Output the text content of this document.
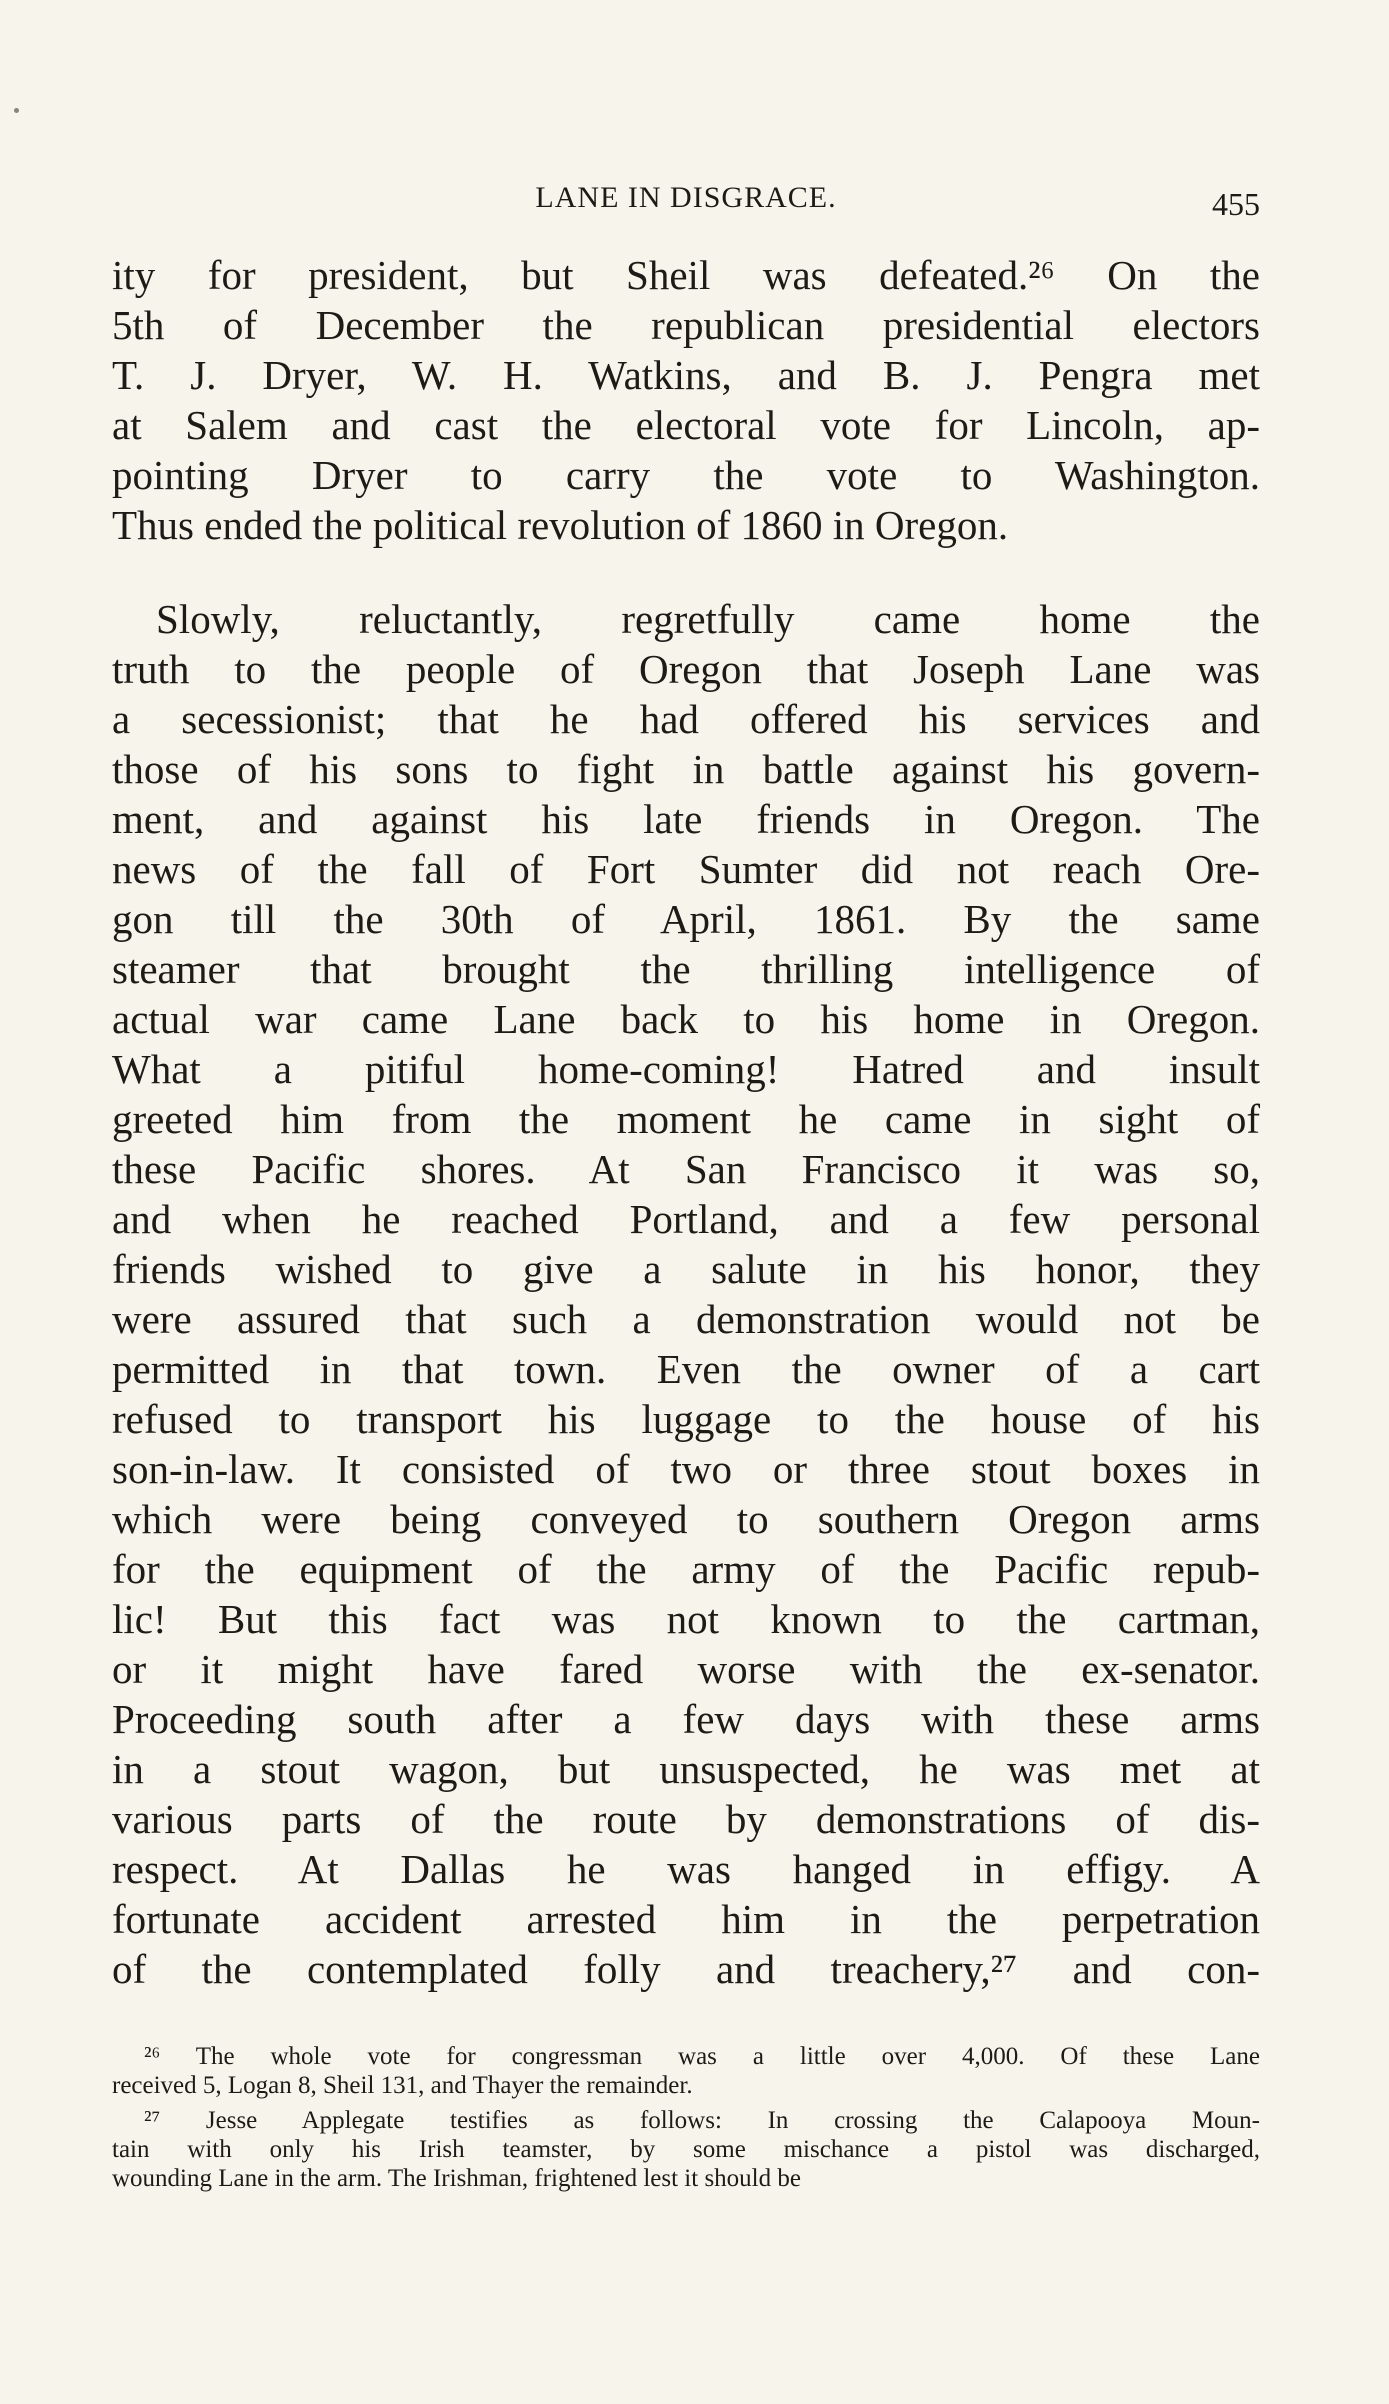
LANE IN DISGRACE.	455
ity for president, but Sheil was defeated.²⁶ On the
5th of December the republican presidential electors
T. J. Dryer, W. H. Watkins, and B. J. Pengra met
at Salem and cast the electoral vote for Lincoln, ap-
pointing Dryer to carry the vote to Washington.
Thus ended the political revolution of 1860 in Oregon.
Slowly, reluctantly, regretfully came home the
truth to the people of Oregon that Joseph Lane was
a secessionist; that he had offered his services and
those of his sons to fight in battle against his govern-
ment, and against his late friends in Oregon. The
news of the fall of Fort Sumter did not reach Ore-
gon till the 30th of April, 1861. By the same
steamer that brought the thrilling intelligence of
actual war came Lane back to his home in Oregon.
What a pitiful home-coming! Hatred and insult
greeted him from the moment he came in sight of
these Pacific shores. At San Francisco it was so,
and when he reached Portland, and a few personal
friends wished to give a salute in his honor, they
were assured that such a demonstration would not be
permitted in that town. Even the owner of a cart
refused to transport his luggage to the house of his
son-in-law. It consisted of two or three stout boxes in
which were being conveyed to southern Oregon arms
for the equipment of the army of the Pacific repub-
lic! But this fact was not known to the cartman,
or it might have fared worse with the ex-senator.
Proceeding south after a few days with these arms
in a stout wagon, but unsuspected, he was met at
various parts of the route by demonstrations of dis-
respect. At Dallas he was hanged in effigy. A
fortunate accident arrested him in the perpetration
of the contemplated folly and treachery,²⁷ and con-
²⁶ The whole vote for congressman was a little over 4,000. Of these Lane
received 5, Logan 8, Sheil 131, and Thayer the remainder.
²⁷ Jesse Applegate testifies as follows: In crossing the Calapooya Moun-
tain with only his Irish teamster, by some mischance a pistol was discharged,
wounding Lane in the arm. The Irishman, frightened lest it should be
